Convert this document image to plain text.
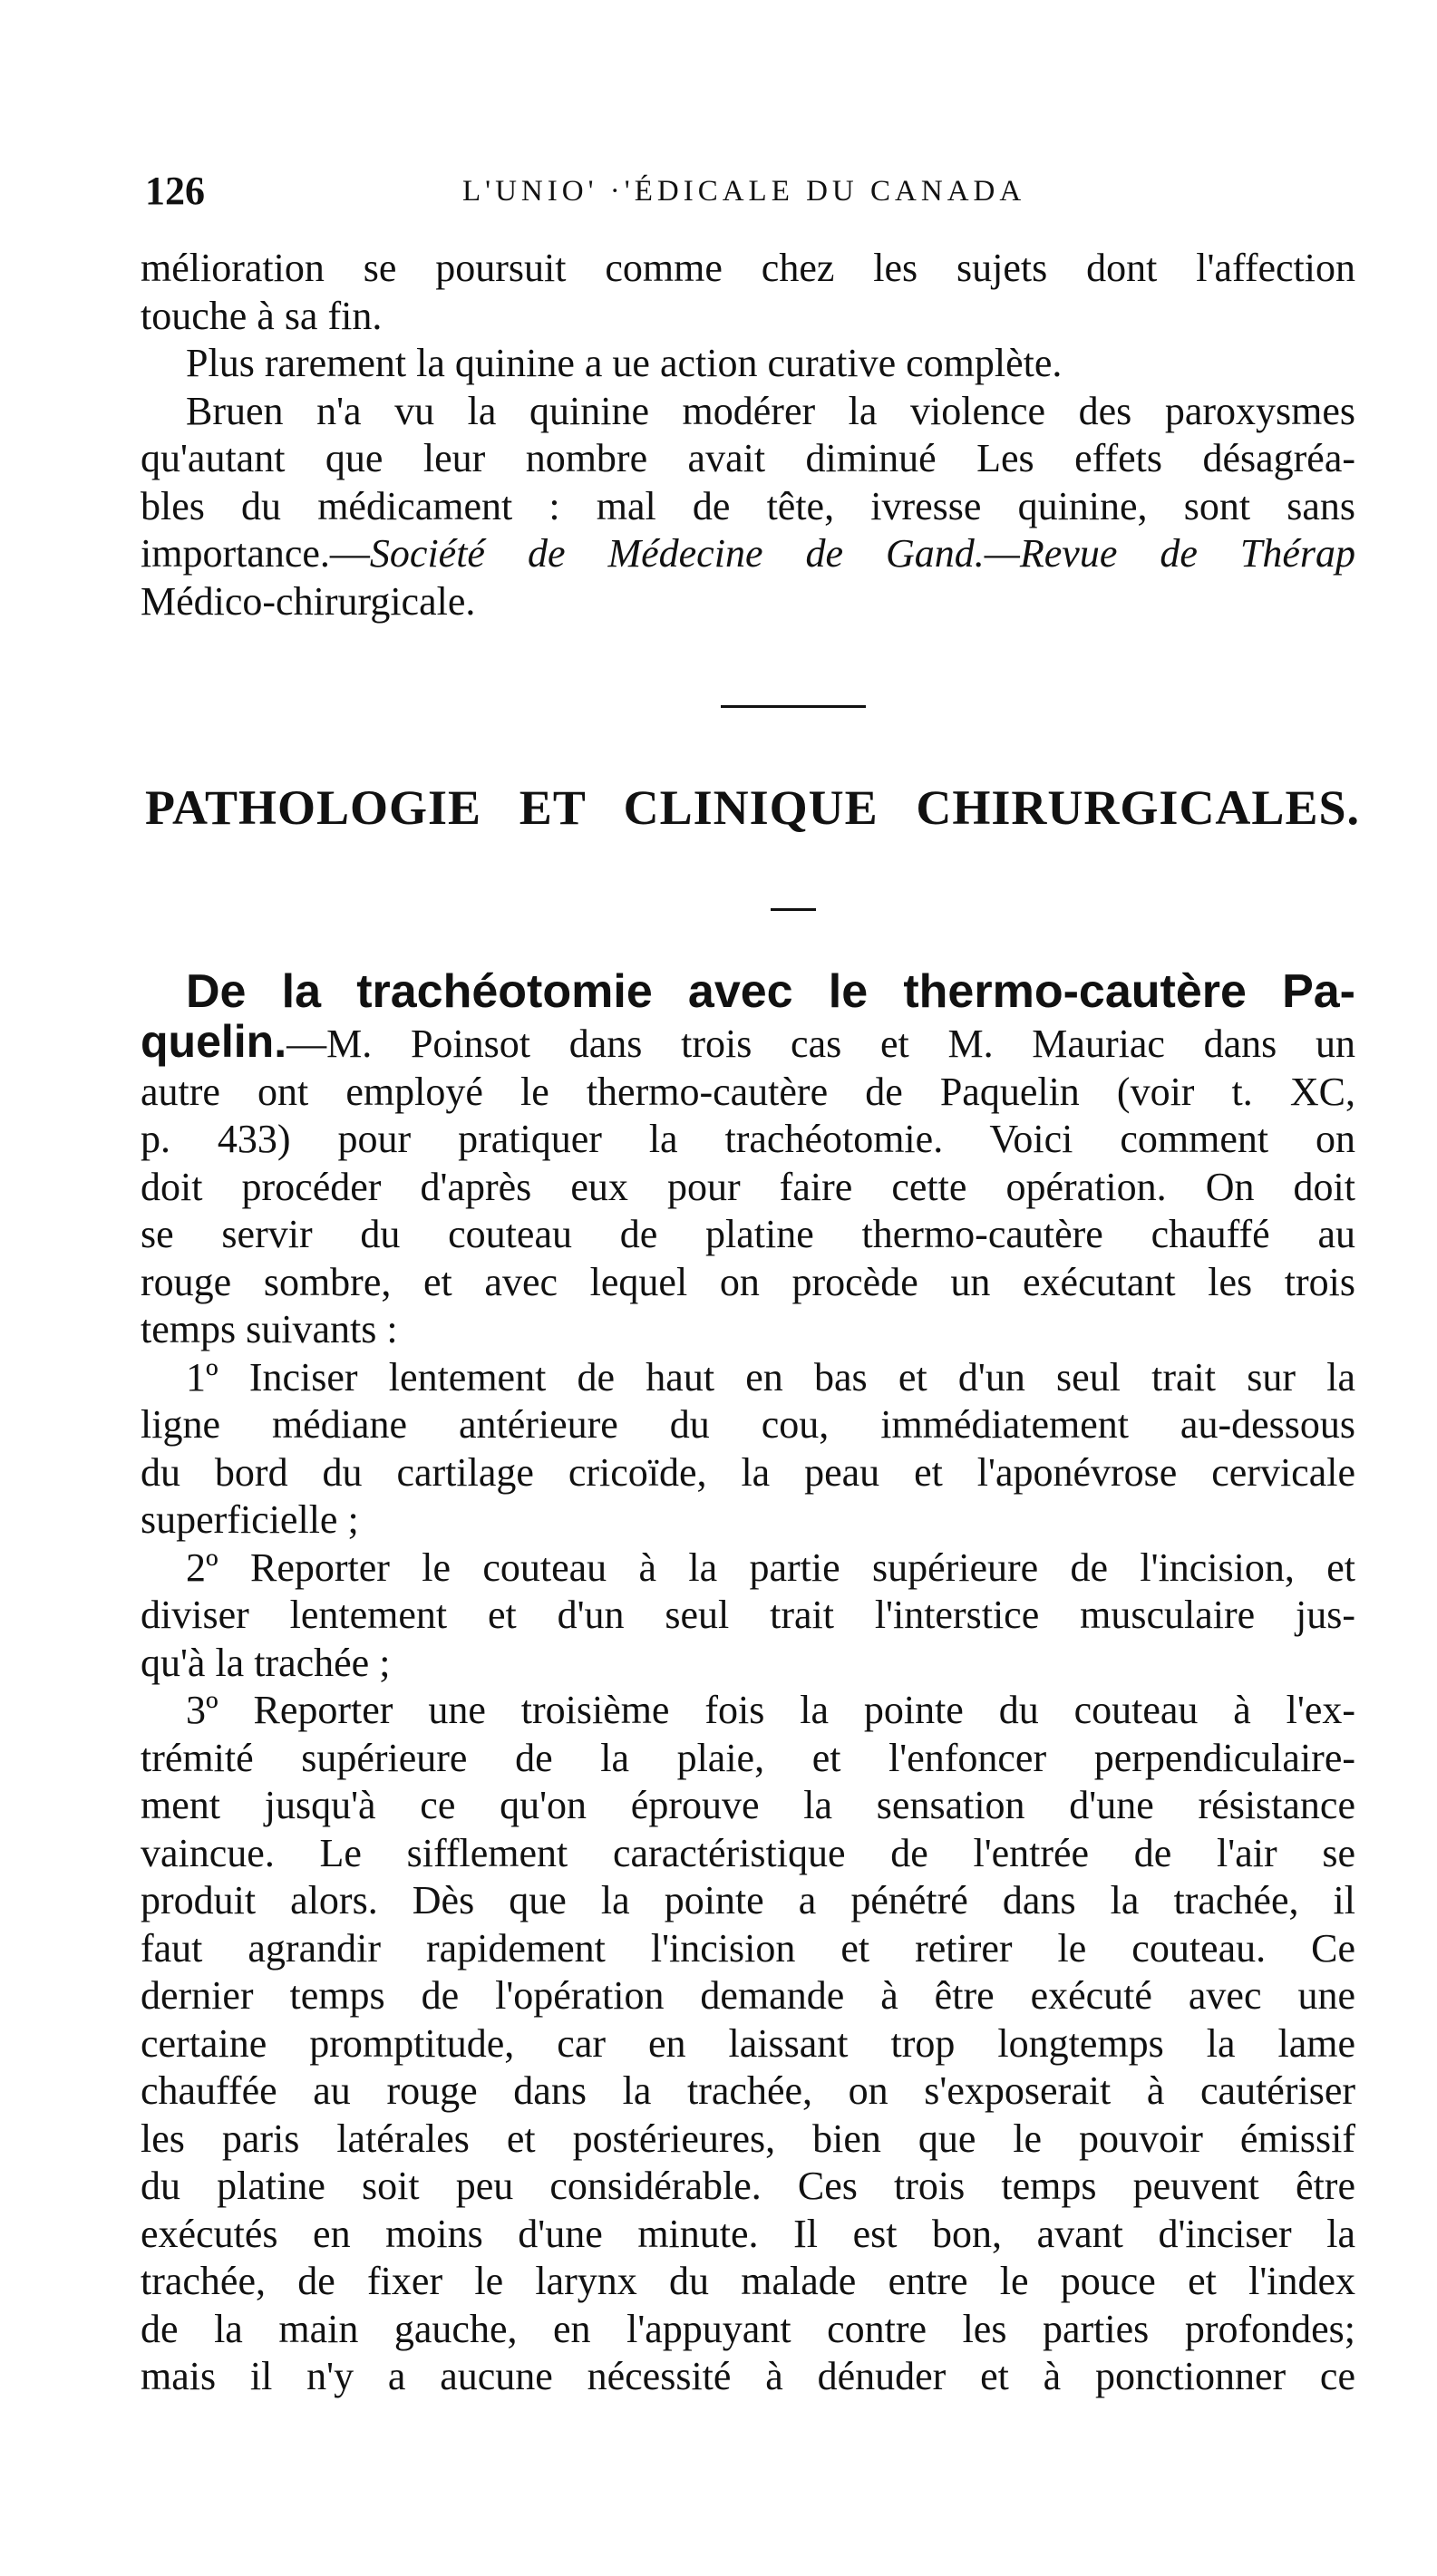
126	L'UNIO' ·'ÉDICALE DU CANADA
mélioration se poursuit comme chez les sujets dont l'affection
touche à sa fin.
Plus rarement la quinine a ue action curative complète.
Bruen n'a vu la quinine modérer la violence des paroxysmes
qu'autant que leur nombre avait diminué Les effets désagréa-
bles du médicament : mal de tête, ivresse quinine, sont sans
importance.—Société de Médecine de Gand.—Revue de Thérap
Médico-chirurgicale.
PATHOLOGIE ET CLINIQUE CHIRURGICALES.
De la trachéotomie avec le thermo-cautère Pa-
quelin.—M. Poinsot dans trois cas et M. Mauriac dans un
autre ont employé le thermo-cautère de Paquelin (voir t. XC,
p. 433) pour pratiquer la trachéotomie. Voici comment on
doit procéder d'après eux pour faire cette opération. On doit
se servir du couteau de platine thermo-cautère chauffé au
rouge sombre, et avec lequel on procède un exécutant les trois
temps suivants :
1º Inciser lentement de haut en bas et d'un seul trait sur la
ligne médiane antérieure du cou, immédiatement au-dessous
du bord du cartilage cricoïde, la peau et l'aponévrose cervicale
superficielle ;
2º Reporter le couteau à la partie supérieure de l'incision, et
diviser lentement et d'un seul trait l'interstice musculaire jus-
qu'à la trachée ;
3º Reporter une troisième fois la pointe du couteau à l'ex-
trémité supérieure de la plaie, et l'enfoncer perpendiculaire-
ment jusqu'à ce qu'on éprouve la sensation d'une résistance
vaincue. Le sifflement caractéristique de l'entrée de l'air se
produit alors. Dès que la pointe a pénétré dans la trachée, il
faut agrandir rapidement l'incision et retirer le couteau. Ce
dernier temps de l'opération demande à être exécuté avec une
certaine promptitude, car en laissant trop longtemps la lame
chauffée au rouge dans la trachée, on s'exposerait à cautériser
les paris latérales et postérieures, bien que le pouvoir émissif
du platine soit peu considérable. Ces trois temps peuvent être
exécutés en moins d'une minute. Il est bon, avant d'inciser la
trachée, de fixer le larynx du malade entre le pouce et l'index
de la main gauche, en l'appuyant contre les parties profondes;
mais il n'y a aucune nécessité à dénuder et à ponctionner ce
